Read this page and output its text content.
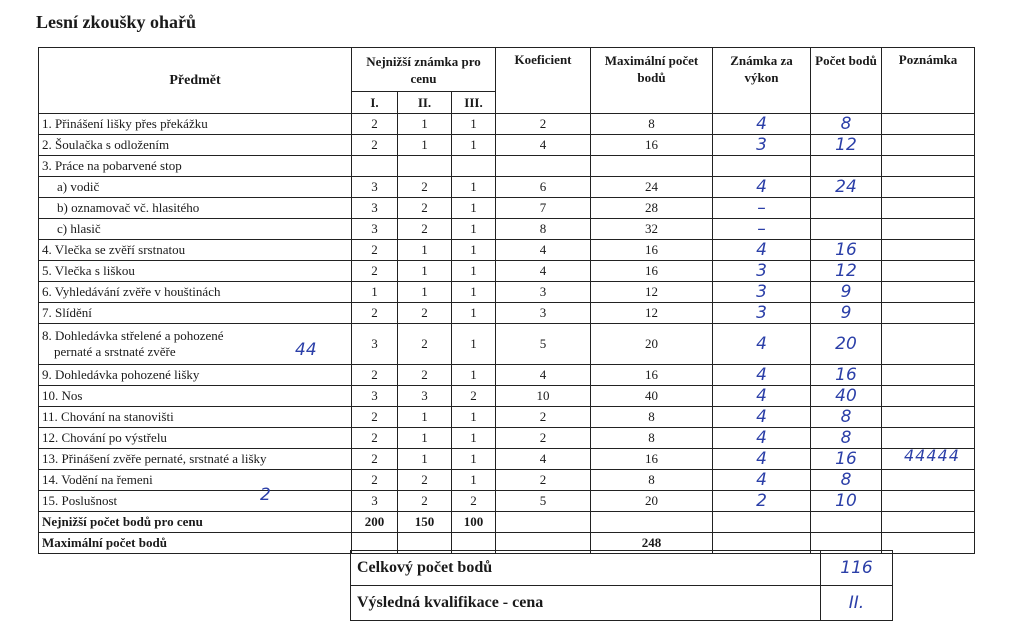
Lesní zkoušky ohařů
Předmět	Nejnižší známka pro cenu			Koeficient	Maximální počet bodů	Známka za výkon	Počet bodů	Poznámka
	I.	II.	III.					
1. Přinášení lišky přes překážku	2	1	1	2	8	4	8	
2. Šoulačka s odložením	2	1	1	4	16	3	12	
3. Práce na pobarvené stop								
a) vodič	3	2	1	6	24	4	24	
b) oznamovač vč. hlasitého	3	2	1	7	28	–		
c) hlasič	3	2	1	8	32	–		
4. Vlečka se zvěří srstnatou	2	1	1	4	16	4	16	
5. Vlečka s liškou	2	1	1	4	16	3	12	
6. Vyhledávání zvěře v houštinách	1	1	1	3	12	3	9	
7. Slídění	2	2	1	3	12	3	9	

8. Dohledávka střelené a pohozené
pernaté a srstnaté zvěře	3	2	1	5	20	4	20	
9. Dohledávka pohozené lišky	2	2	1	4	16	4	16	
10. Nos	3	3	2	10	40	4	40	
11. Chování na stanovišti	2	1	1	2	8	4	8	
12. Chování po výstřelu	2	1	1	2	8	4	8	
13. Přinášení zvěře pernaté, srstnaté a lišky	2	1	1	4	16	4	16	
14. Vodění na řemeni	2	2	1	2	8	4	8	
15. Poslušnost	3	2	2	5	20	2	10	
Nejnižší počet bodů pro cenu	200	150	100					
Maximální počet bodů					248			
Celkový počet bodů	116
Výsledná kvalifikace - cena	II.
44
44444
2
